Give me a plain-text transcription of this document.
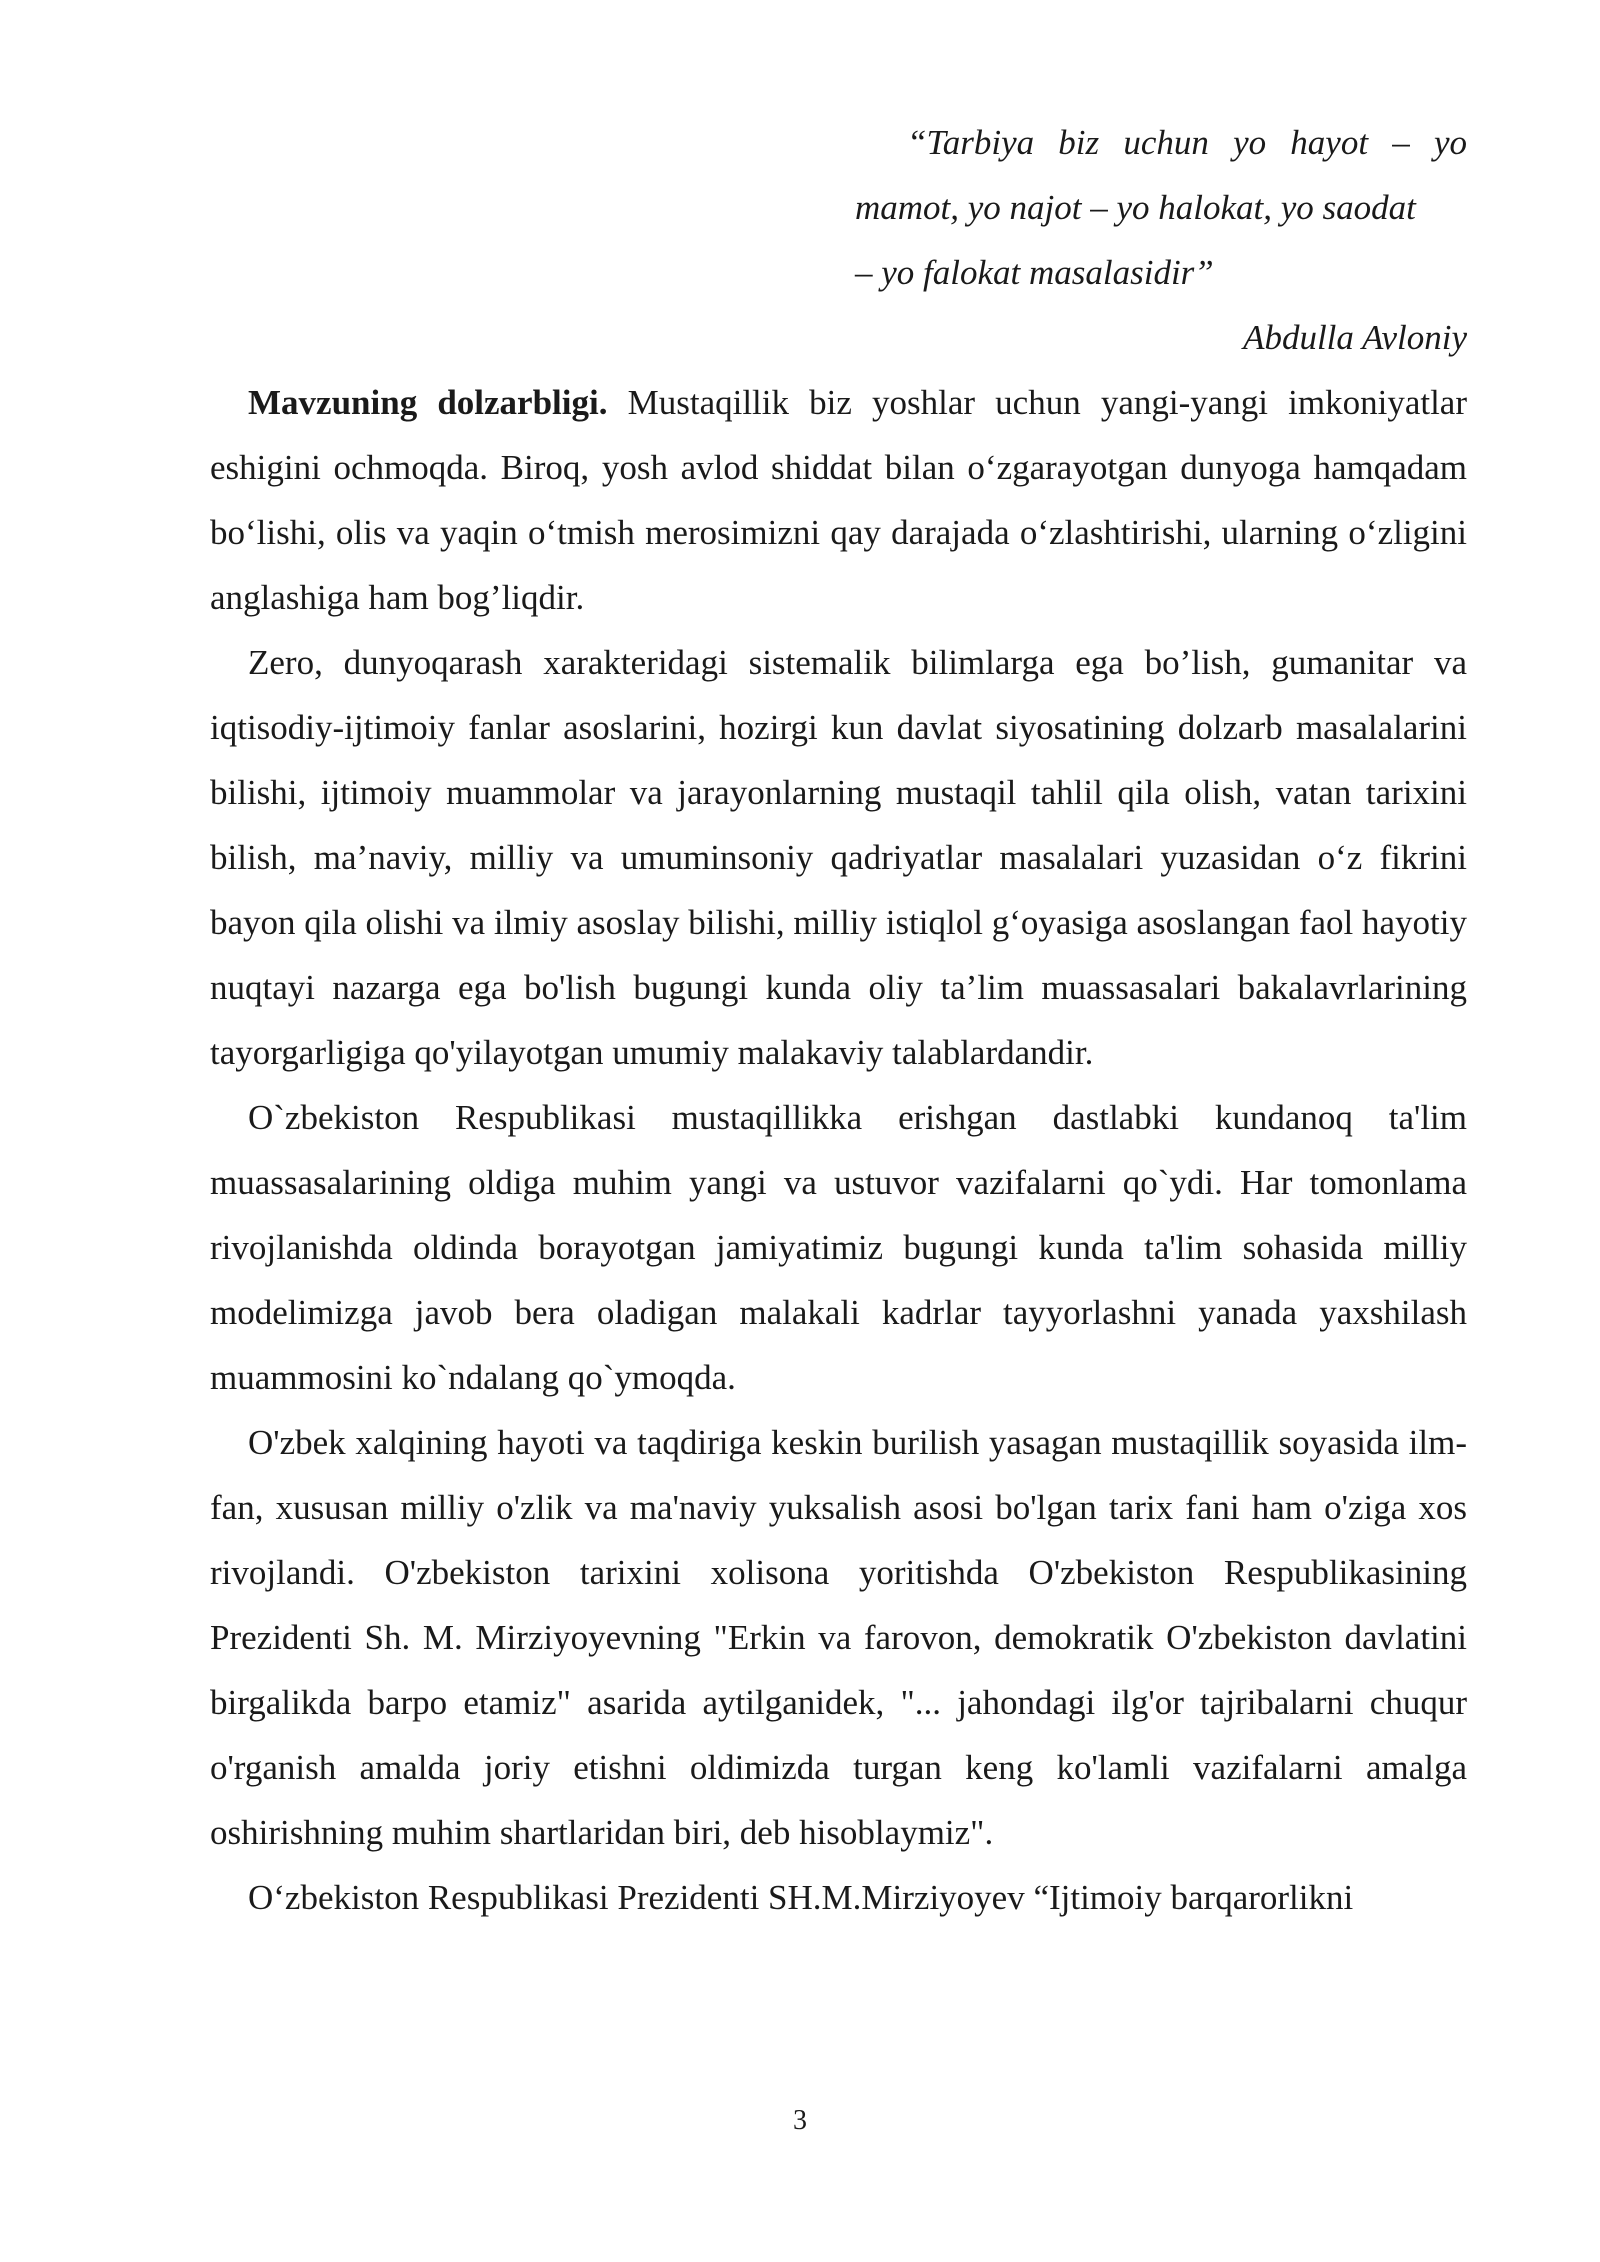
“Tarbiya biz uchun yo hayot – yo
mamot, yo najot – yo halokat, yo saodat
– yo falokat masalasidir”

Abdulla Avloniy

Mavzuning dolzarbligi. Mustaqillik biz yoshlar uchun yangi-yangi imkoniyatlar eshigini ochmoqda. Biroq, yosh avlod shiddat bilan oʻzgarayotgan dunyoga hamqadam boʻlishi, olis va yaqin oʻtmish merosimizni qay darajada oʻzlashtirishi, ularning oʻzligini anglashiga ham bog’liqdir.

Zero, dunyoqarash xarakteridagi sistemalik bilimlarga ega bo’lish, gumanitar va iqtisodiy-ijtimoiy fanlar asoslarini, hozirgi kun davlat siyosatining dolzarb masalalarini bilishi, ijtimoiy muammolar va jarayonlarning mustaqil tahlil qila olish, vatan tarixini bilish, ma’naviy, milliy va umuminsoniy qadriyatlar masalalari yuzasidan oʻz fikrini bayon qila olishi va ilmiy asoslay bilishi, milliy istiqlol gʻoyasiga asoslangan faol hayotiy nuqtayi nazarga ega bo'lish bugungi kunda oliy ta’lim muassasalari bakalavrlarining tayorgarligiga qo'yilayotgan umumiy malakaviy talablardandir.

O`zbekiston Respublikasi mustaqillikka erishgan dastlabki kundanoq ta'lim muassasalarining oldiga muhim yangi va ustuvor vazifalarni qo`ydi. Har tomonlama rivojlanishda oldinda borayotgan jamiyatimiz bugungi kunda ta'lim sohasida milliy modelimizga javob bera oladigan malakali kadrlar tayyorlashni yanada yaxshilash muammosini ko`ndalang qo`ymoqda.

O'zbek xalqining hayoti va taqdiriga keskin burilish yasagan mustaqillik soyasida ilm-fan, xususan milliy o'zlik va ma'naviy yuksalish asosi bo'lgan tarix fani ham o'ziga xos rivojlandi. O'zbekiston tarixini xolisona yoritishda O'zbekiston Respublikasining Prezidenti Sh. M. Mirziyoyevning "Erkin va farovon, demokratik O'zbekiston davlatini birgalikda barpo etamiz" asarida aytilganidek, "... jahondagi ilg'or tajribalarni chuqur o'rganish amalda joriy etishni oldimizda turgan keng ko'lamli vazifalarni amalga oshirishning muhim shartlaridan biri, deb hisoblaymiz".

Oʻzbekiston Respublikasi Prezidenti SH.M.Mirziyoyev “Ijtimoiy barqarorlikni

3
